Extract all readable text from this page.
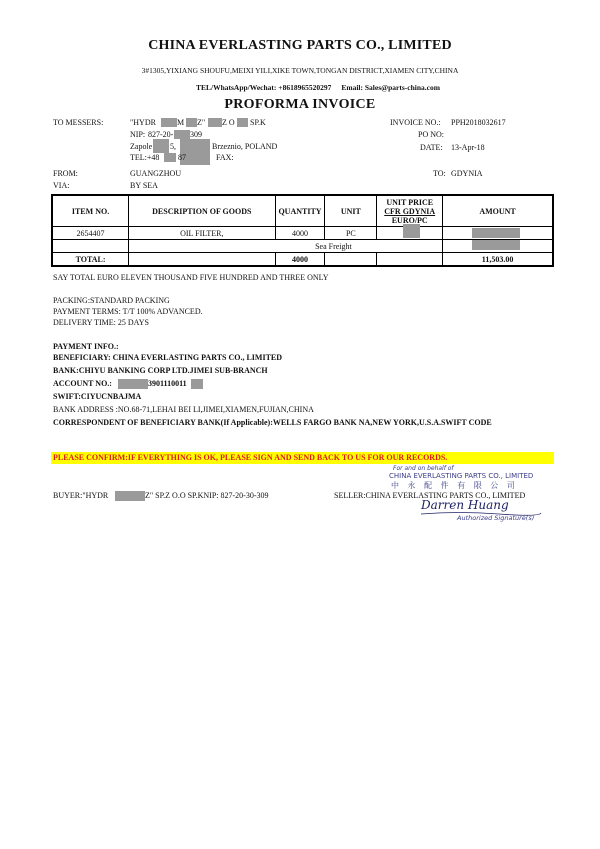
CHINA EVERLASTING PARTS CO., LIMITED
3#1305,YIXIANG SHOUFU,MEIXI YILI,XIKE TOWN,TONGAN DISTRICT,XIAMEN CITY,CHINA
TEL/WhatsApp/Wechat: +8618965520297 Email: Sales@parts-china.com
PROFORMA INVOICE
TO MESSERS:	"HYDR	M Z" Z O SP.K
NIP: 827-20- 309
Zapole 5,	Brzeznio, POLAND
TEL:+48 87	FAX:
INVOICE NO.: PPH2018032617
PO NO:
DATE: 13-Apr-18
FROM:	GUANGZHOU	TO: GDYNIA
VIA:	BY SEA
ITEM NO.	DESCRIPTION OF GOODS	QUANTITY	UNIT	UNIT PRICE
CFR GDYNIA
EURO/PC	AMOUNT
2654407	OIL FILTER,	4000	PC	

	Sea Freight				

TOTAL:		4000			11,503.00
SAY TOTAL EURO ELEVEN THOUSAND FIVE HUNDRED AND THREE ONLY
PACKING:STANDARD PACKING
PAYMENT TERMS: T/T 100% ADVANCED.
DELIVERY TIME: 25 DAYS
PAYMENT INFO.:
BENEFICIARY: CHINA EVERLASTING PARTS CO., LIMITED
BANK:CHIYU BANKING CORP LTD.JIMEI SUB-BRANCH
ACCOUNT NO.:	3901110011
SWIFT:CIYUCNBAJMA
BANK ADDRESS :NO.68-71,LEHAI BEI LI,JIMEI,XIAMEN,FUJIAN,CHINA
CORRESPONDENT OF BENEFICIARY BANK(If Applicable):WELLS FARGO BANK NA,NEW YORK,U.S.A.SWIFT CODE
PLEASE CONFIRM:IF EVERYTHING IS OK, PLEASE SIGN AND SEND BACK TO US FOR OUR RECORDS.
For and on behalf of
CHINA EVERLASTING PARTS CO., LIMITED
中 永 配 件 有 限 公 司
Darren Huang
Authorized Signature(s)
BUYER:"HYDR	Z" SP.Z O.O SP.KNIP: 827-20-30-309	SELLER:CHINA EVERLASTING PARTS CO., LIMITED
